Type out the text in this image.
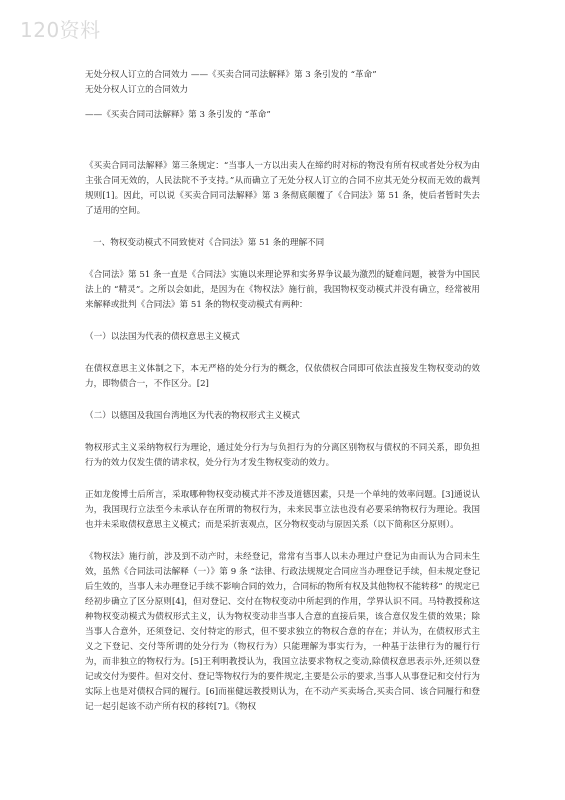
120资料

无处分权人订立的合同效力 ——《买卖合同司法解释》第 3 条引发的 “革命”

无处分权人订立的合同效力

——《买卖合同司法解释》第 3 条引发的 “革命”

《买卖合同司法解释》第三条规定：“当事人一方以出卖人在缔约时对标的物没有所有权或者处分权为由主张合同无效的，人民法院不予支持。”从而确立了无处分权人订立的合同不应其无处分权而无效的裁判规则[1]。因此，可以说《买卖合同司法解释》第 3 条彻底颠覆了《合同法》第 51 条，使后者暂时失去了适用的空间。

一、物权变动模式不同致使对《合同法》第 51 条的理解不同

《合同法》第 51 条一直是《合同法》实施以来理论界和实务界争议最为激烈的疑难问题，被誉为中国民法上的 “精灵”。之所以会如此，是因为在《物权法》施行前，我国物权变动模式并没有确立，经常被用来解释或批判《合同法》第 51 条的物权变动模式有两种：

（一）以法国为代表的债权意思主义模式

在债权意思主义体制之下，本无严格的处分行为的概念，仅依债权合同即可依法直接发生物权变动的效力，即物债合一，不作区分。[2]

（二）以德国及我国台湾地区为代表的物权形式主义模式

物权形式主义采纳物权行为理论，通过处分行为与负担行为的分离区别物权与债权的不同关系，即负担行为的效力仅发生债的请求权，处分行为才发生物权变动的效力。

正如龙俊博士后所言，采取哪种物权变动模式并不涉及道德因素，只是一个单纯的效率问题。[3]通说认为，我国现行立法至今未承认存在所谓的物权行为，未来民事立法也没有必要采纳物权行为理论。我国也并未采取债权意思主义模式；而是采折衷观点，区分物权变动与原因关系（以下简称区分原则）。

《物权法》施行前，涉及到不动产时，未经登记，常常有当事人以未办理过户登记为由而认为合同未生效，虽然《合同法司法解释（一）》第 9 条 “法律、行政法规规定合同应当办理登记手续，但未规定登记后生效的，当事人未办理登记手续不影响合同的效力，合同标的物所有权及其他物权不能转移” 的规定已经初步确立了区分原则[4]，但对登记、交付在物权变动中所起到的作用，学界认识不同。马特教授称这种物权变动模式为债权形式主义，认为物权变动非当事人合意的直接后果，该合意仅发生债的效果；除当事人合意外，还须登记、交付特定的形式，但不要求独立的物权合意的存在；并认为，在债权形式主义之下登记、交付等所谓的处分行为（物权行为）只能理解为事实行为，一种基于法律行为的履行行为，而非独立的物权行为。[5]王利明教授认为，我国立法要求物权之变动,除债权意思表示外,还须以登记或交付为要件。但对交付、登记等物权行为的要件规定,主要是公示的要求,当事人从事登记和交付行为实际上也是对债权合同的履行。[6]而崔健远教授则认为，在不动产买卖场合,买卖合同、该合同履行和登记一起引起该不动产所有权的移转[7]。《物权
